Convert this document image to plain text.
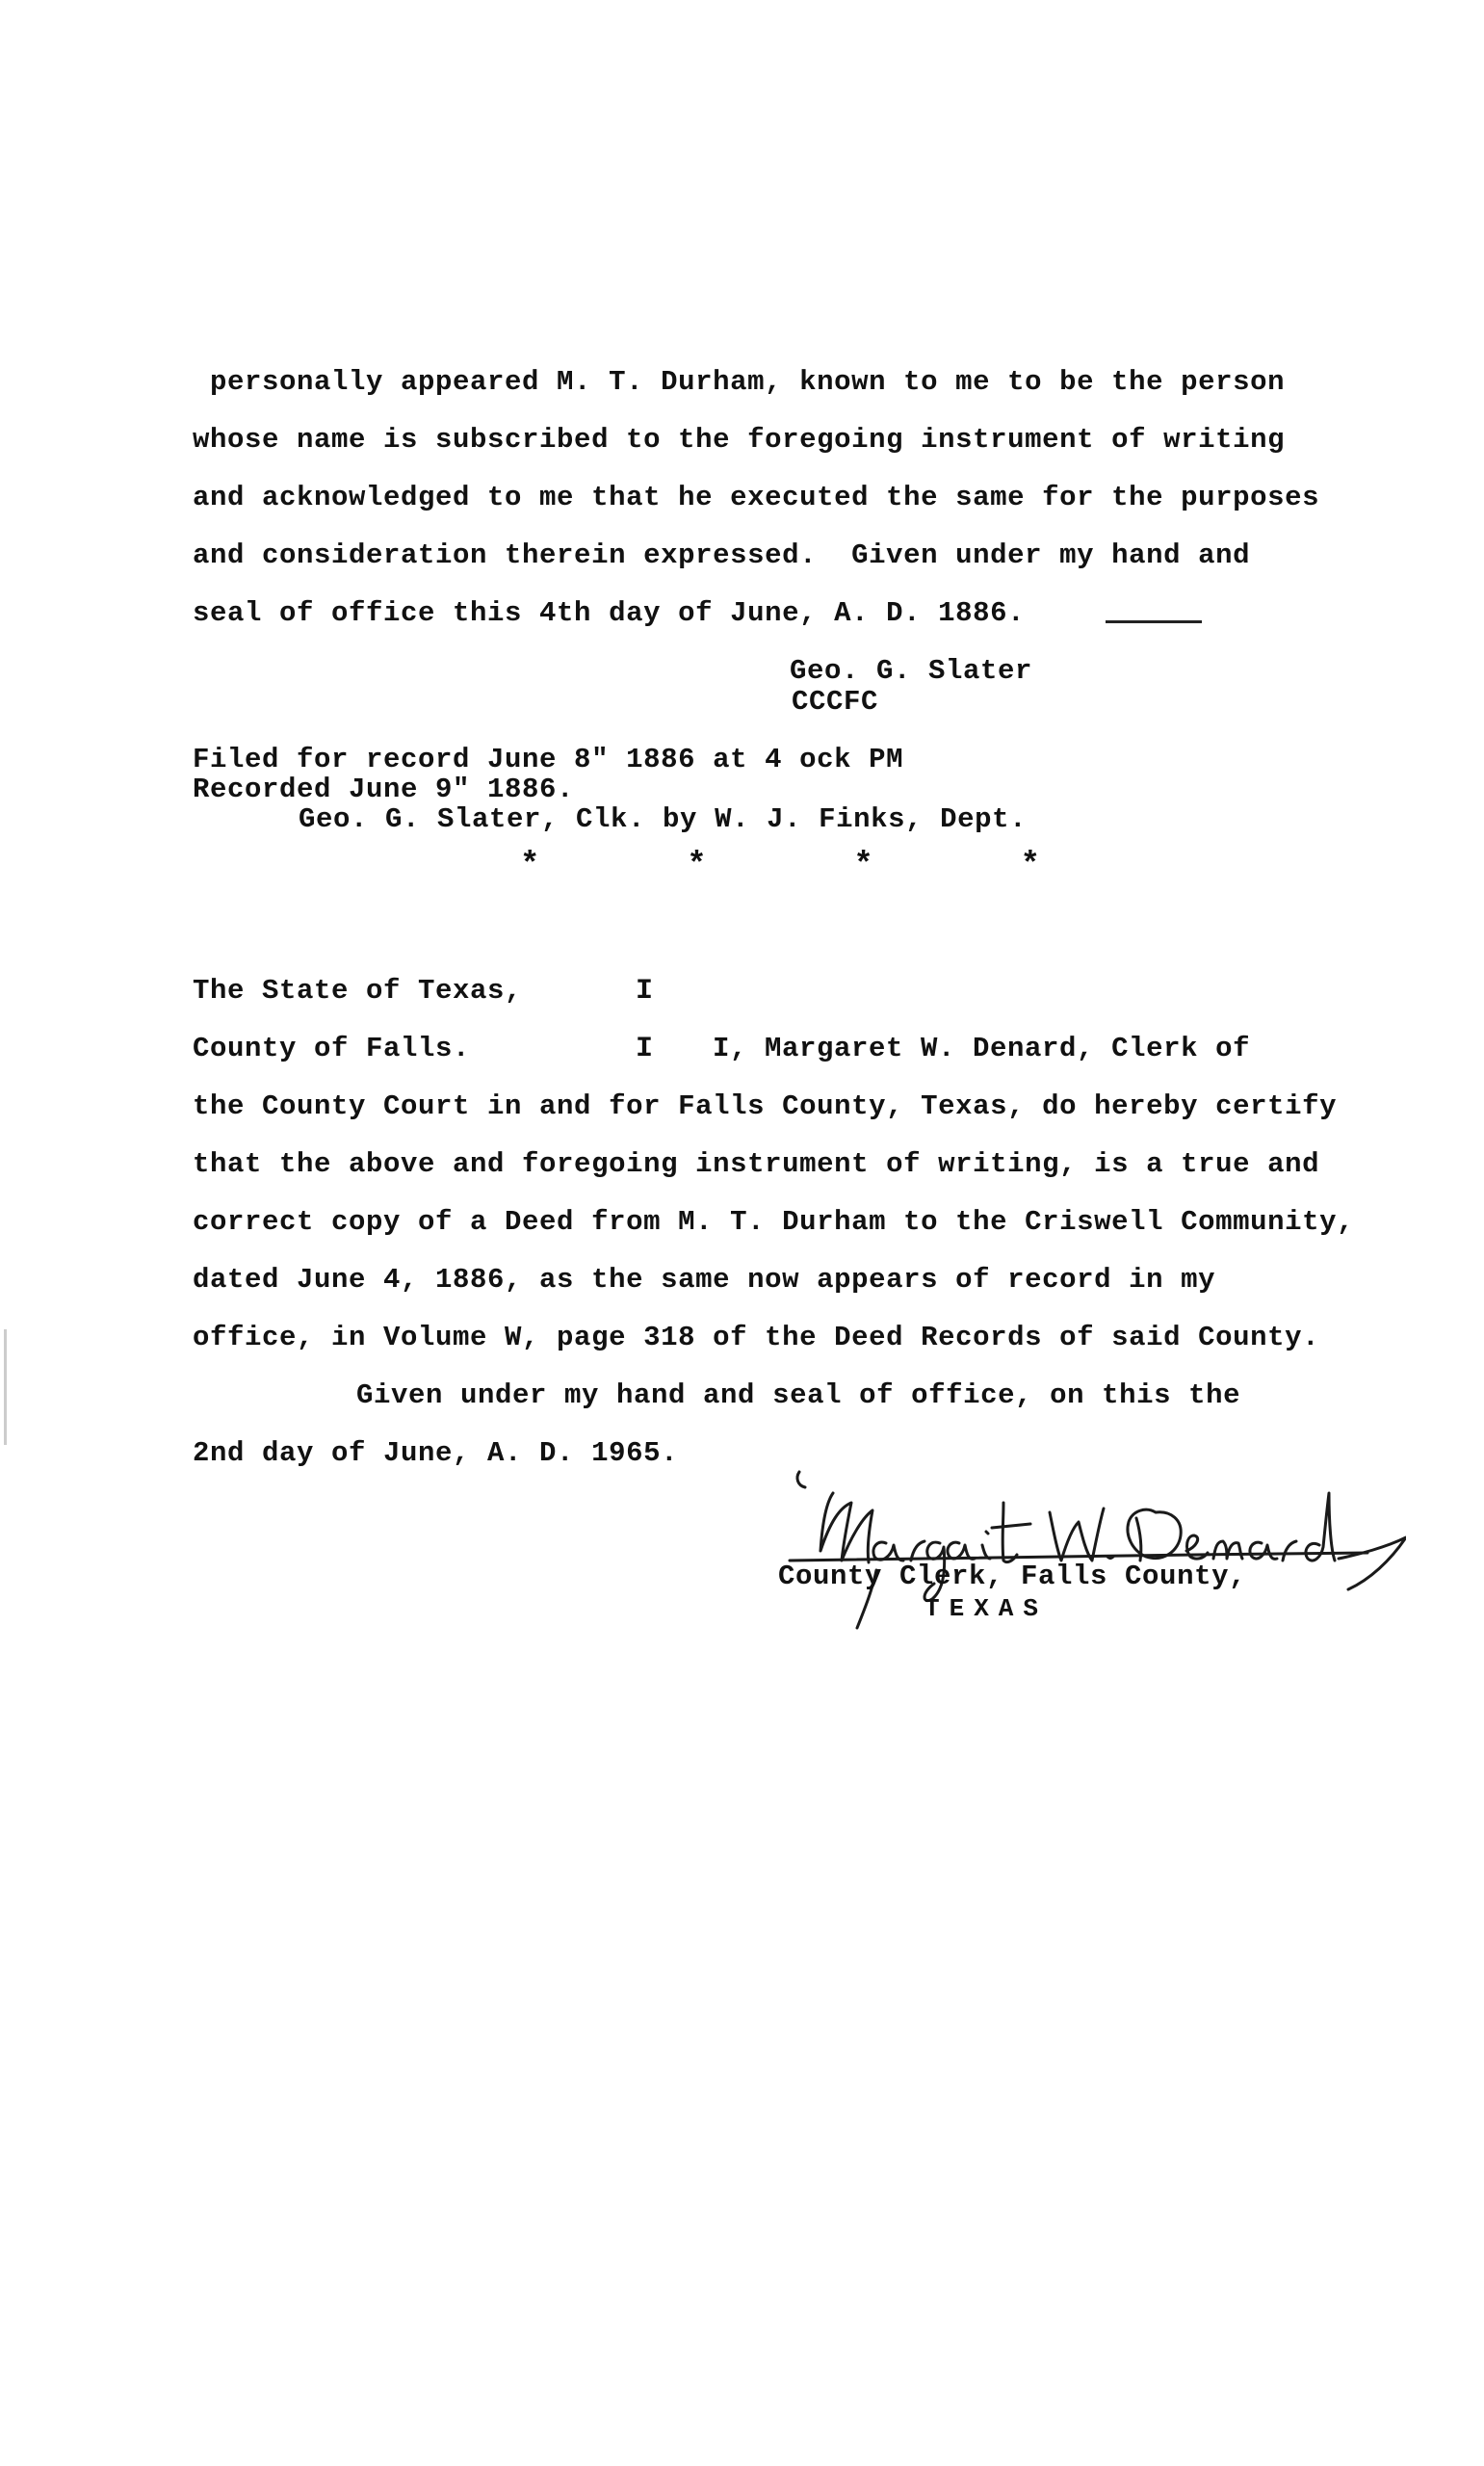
personally appeared M. T. Durham, known to me to be the person
whose name is subscribed to the foregoing instrument of writing
and acknowledged to me that he executed the same for the purposes
and consideration therein expressed.  Given under my hand and
seal of office this 4th day of June, A. D. 1886.
Geo. G. Slater
CCCFC
Filed for record June 8" 1886 at 4 ock PM
Recorded June 9" 1886.
Geo. G. Slater, Clk. by W. J. Finks, Dept.
*	*	*	*
The State of Texas,	I
County of Falls.	I I, Margaret W. Denard, Clerk of
the County Court in and for Falls County, Texas, do hereby certify
that the above and foregoing instrument of writing, is a true and
correct copy of a Deed from M. T. Durham to the Criswell Community,
dated June 4, 1886, as the same now appears of record in my
office, in Volume W, page 318 of the Deed Records of said County.
Given under my hand and seal of office, on this the
2nd day of June, A. D. 1965.
County Clerk, Falls County,
TEXAS
